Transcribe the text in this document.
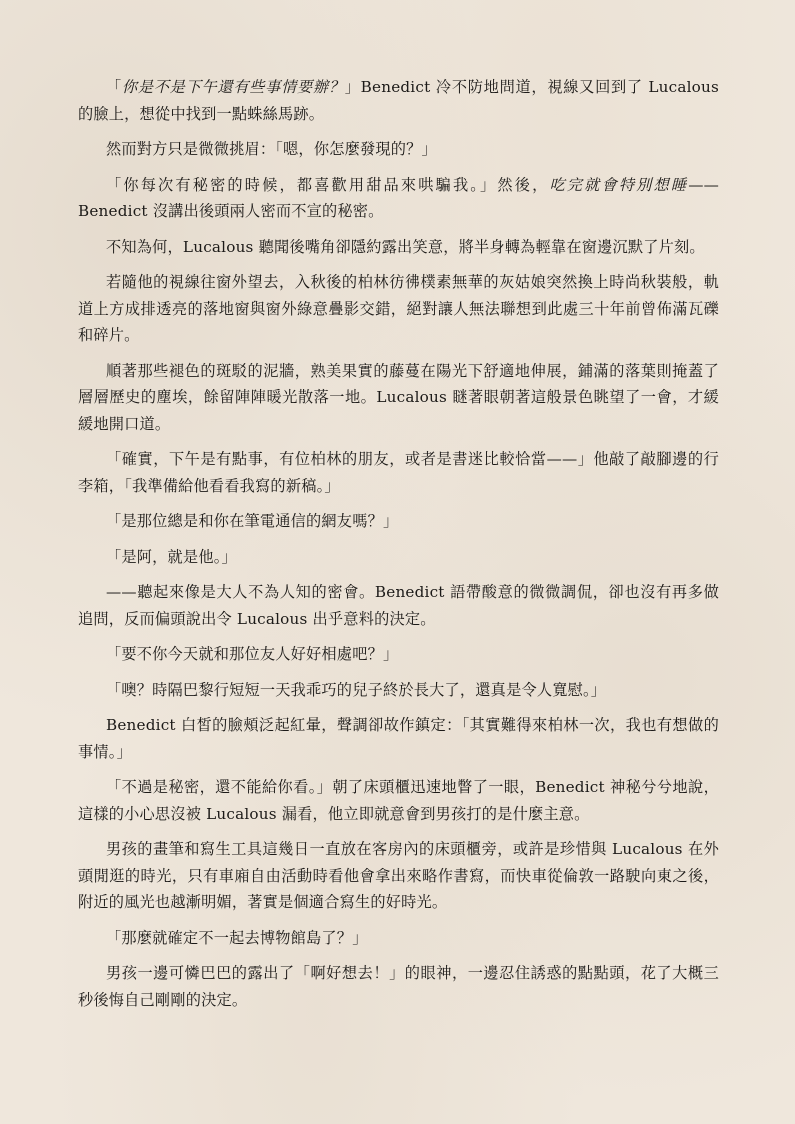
「你是不是下午還有些事情要辦？」Benedict 冷不防地問道，視線又回到了 Lucalous 的臉上，想從中找到一點蛛絲馬跡。

然而對方只是微微挑眉：「嗯，你怎麼發現的？」

「你每次有秘密的時候，都喜歡用甜品來哄騙我。」然後，吃完就會特別想睡——Benedict 沒講出後頭兩人密而不宣的秘密。

不知為何，Lucalous 聽聞後嘴角卻隱約露出笑意，將半身轉為輕靠在窗邊沉默了片刻。

若隨他的視線往窗外望去，入秋後的柏林彷彿樸素無華的灰姑娘突然換上時尚秋裝般，軌道上方成排透亮的落地窗與窗外綠意疊影交錯，絕對讓人無法聯想到此處三十年前曾佈滿瓦礫和碎片。

順著那些褪色的斑駁的泥牆，熟美果實的藤蔓在陽光下舒適地伸展，鋪滿的落葉則掩蓋了層層歷史的塵埃，餘留陣陣暖光散落一地。Lucalous 瞇著眼朝著這般景色眺望了一會，才緩緩地開口道。

「確實，下午是有點事，有位柏林的朋友，或者是書迷比較恰當——」他敲了敲腳邊的行李箱，「我準備給他看看我寫的新稿。」

「是那位總是和你在筆電通信的網友嗎？」

「是阿，就是他。」

——聽起來像是大人不為人知的密會。Benedict 語帶酸意的微微調侃，卻也沒有再多做追問，反而偏頭說出令 Lucalous 出乎意料的決定。

「要不你今天就和那位友人好好相處吧？」

「噢？時隔巴黎行短短一天我乖巧的兒子終於長大了，還真是令人寬慰。」

Benedict 白皙的臉頰泛起紅暈，聲調卻故作鎮定：「其實難得來柏林一次，我也有想做的事情。」

「不過是秘密，還不能給你看。」朝了床頭櫃迅速地瞥了一眼，Benedict 神秘兮兮地說，這樣的小心思沒被 Lucalous 漏看，他立即就意會到男孩打的是什麼主意。

男孩的畫筆和寫生工具這幾日一直放在客房內的床頭櫃旁，或許是珍惜與 Lucalous 在外頭閒逛的時光，只有車廂自由活動時看他會拿出來略作書寫，而快車從倫敦一路駛向東之後，附近的風光也越漸明媚，著實是個適合寫生的好時光。

「那麼就確定不一起去博物館島了？」

男孩一邊可憐巴巴的露出了「啊好想去！」的眼神，一邊忍住誘惑的點點頭，花了大概三秒後悔自己剛剛的決定。
